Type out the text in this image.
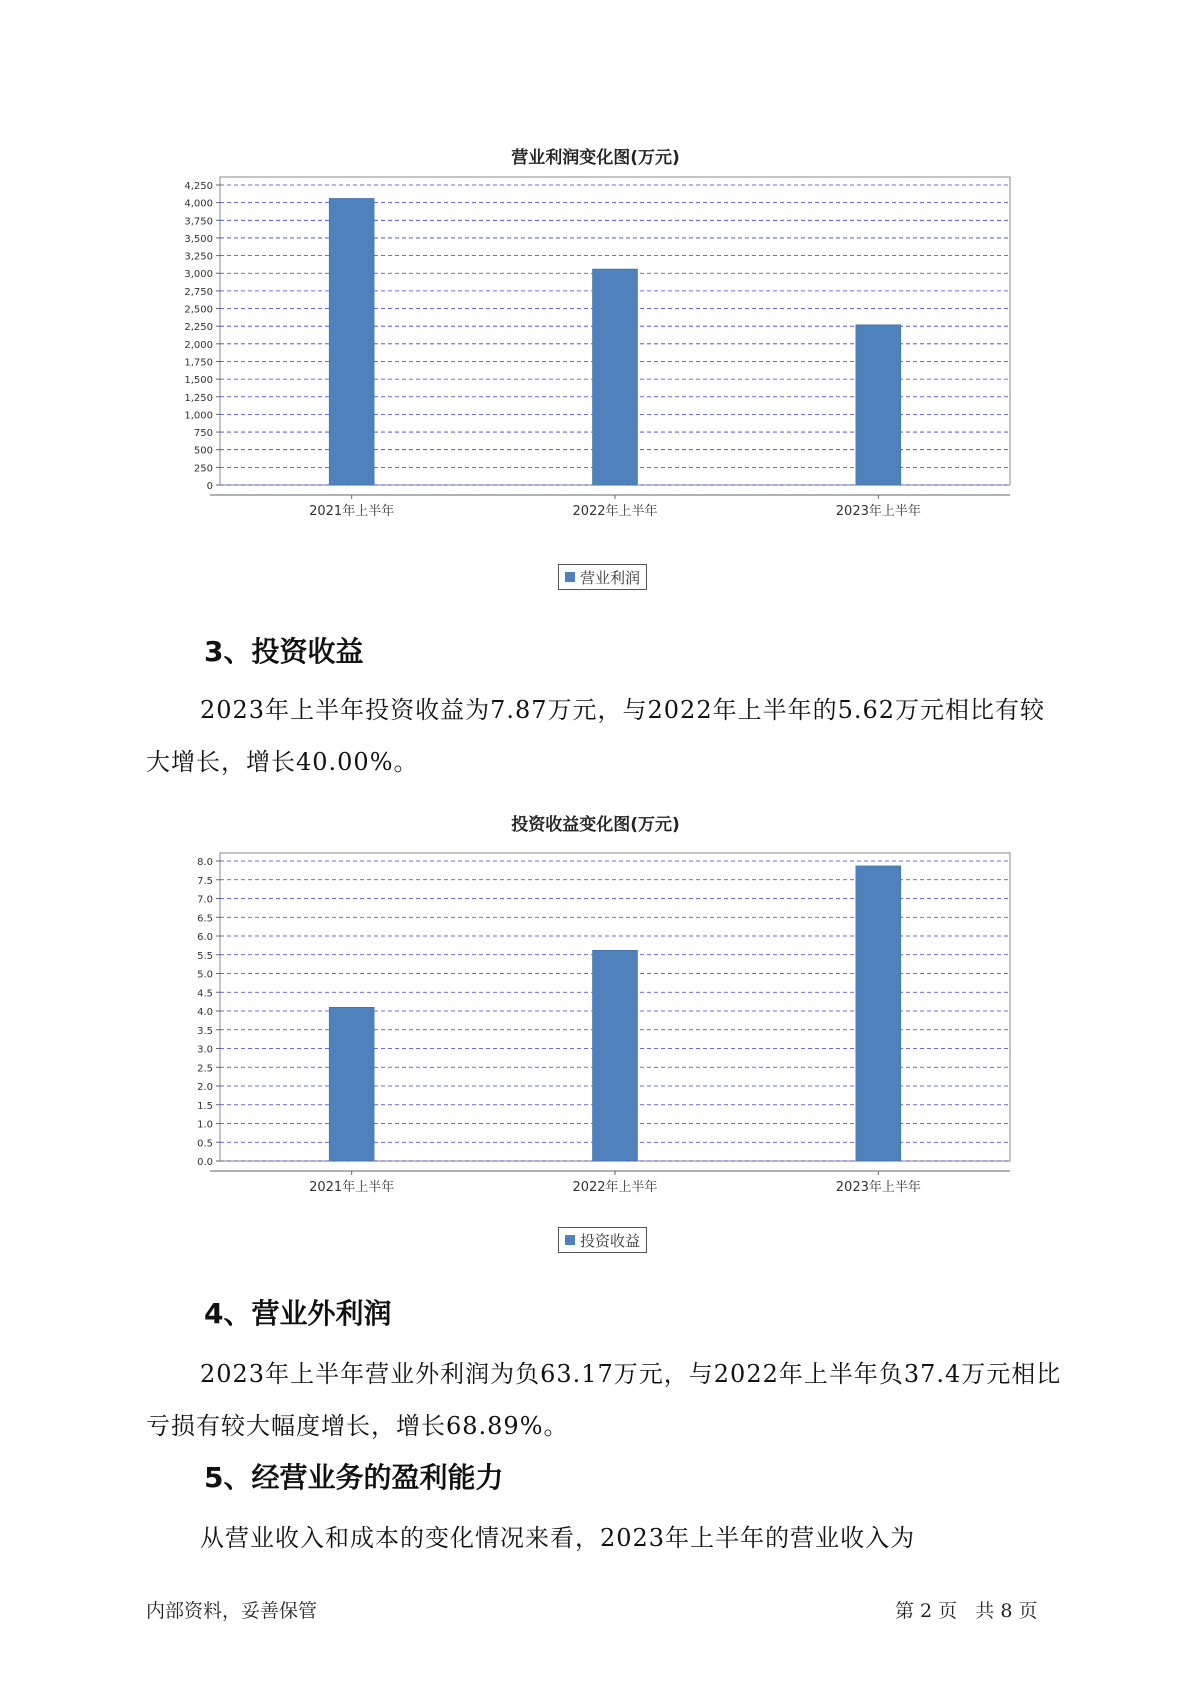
营业利润变化图(万元)
0
250
500
750
1,000
1,250
1,500
1,750
2,000
2,250
2,500
2,750
3,000
3,250
3,500
3,750
4,000
4,250
2021年上半年	2022年上半年	2023年上半年
营业利润
3、投资收益

2023年上半年投资收益为7.87万元，与2022年上半年的5.62万元相比有较大增长，增长40.00%。

投资收益变化图(万元)
0.0
0.5
1.0
1.5
2.0
2.5
3.0
3.5
4.0
4.5
5.0
5.5
6.0
6.5
7.0
7.5
8.0
2021年上半年	2022年上半年	2023年上半年
投资收益
4、营业外利润

2023年上半年营业外利润为负63.17万元，与2022年上半年负37.4万元相比亏损有较大幅度增长，增长68.89%。

5、经营业务的盈利能力

从营业收入和成本的变化情况来看，2023年上半年的营业收入为

内部资料，妥善保管	第 2 页   共 8 页
